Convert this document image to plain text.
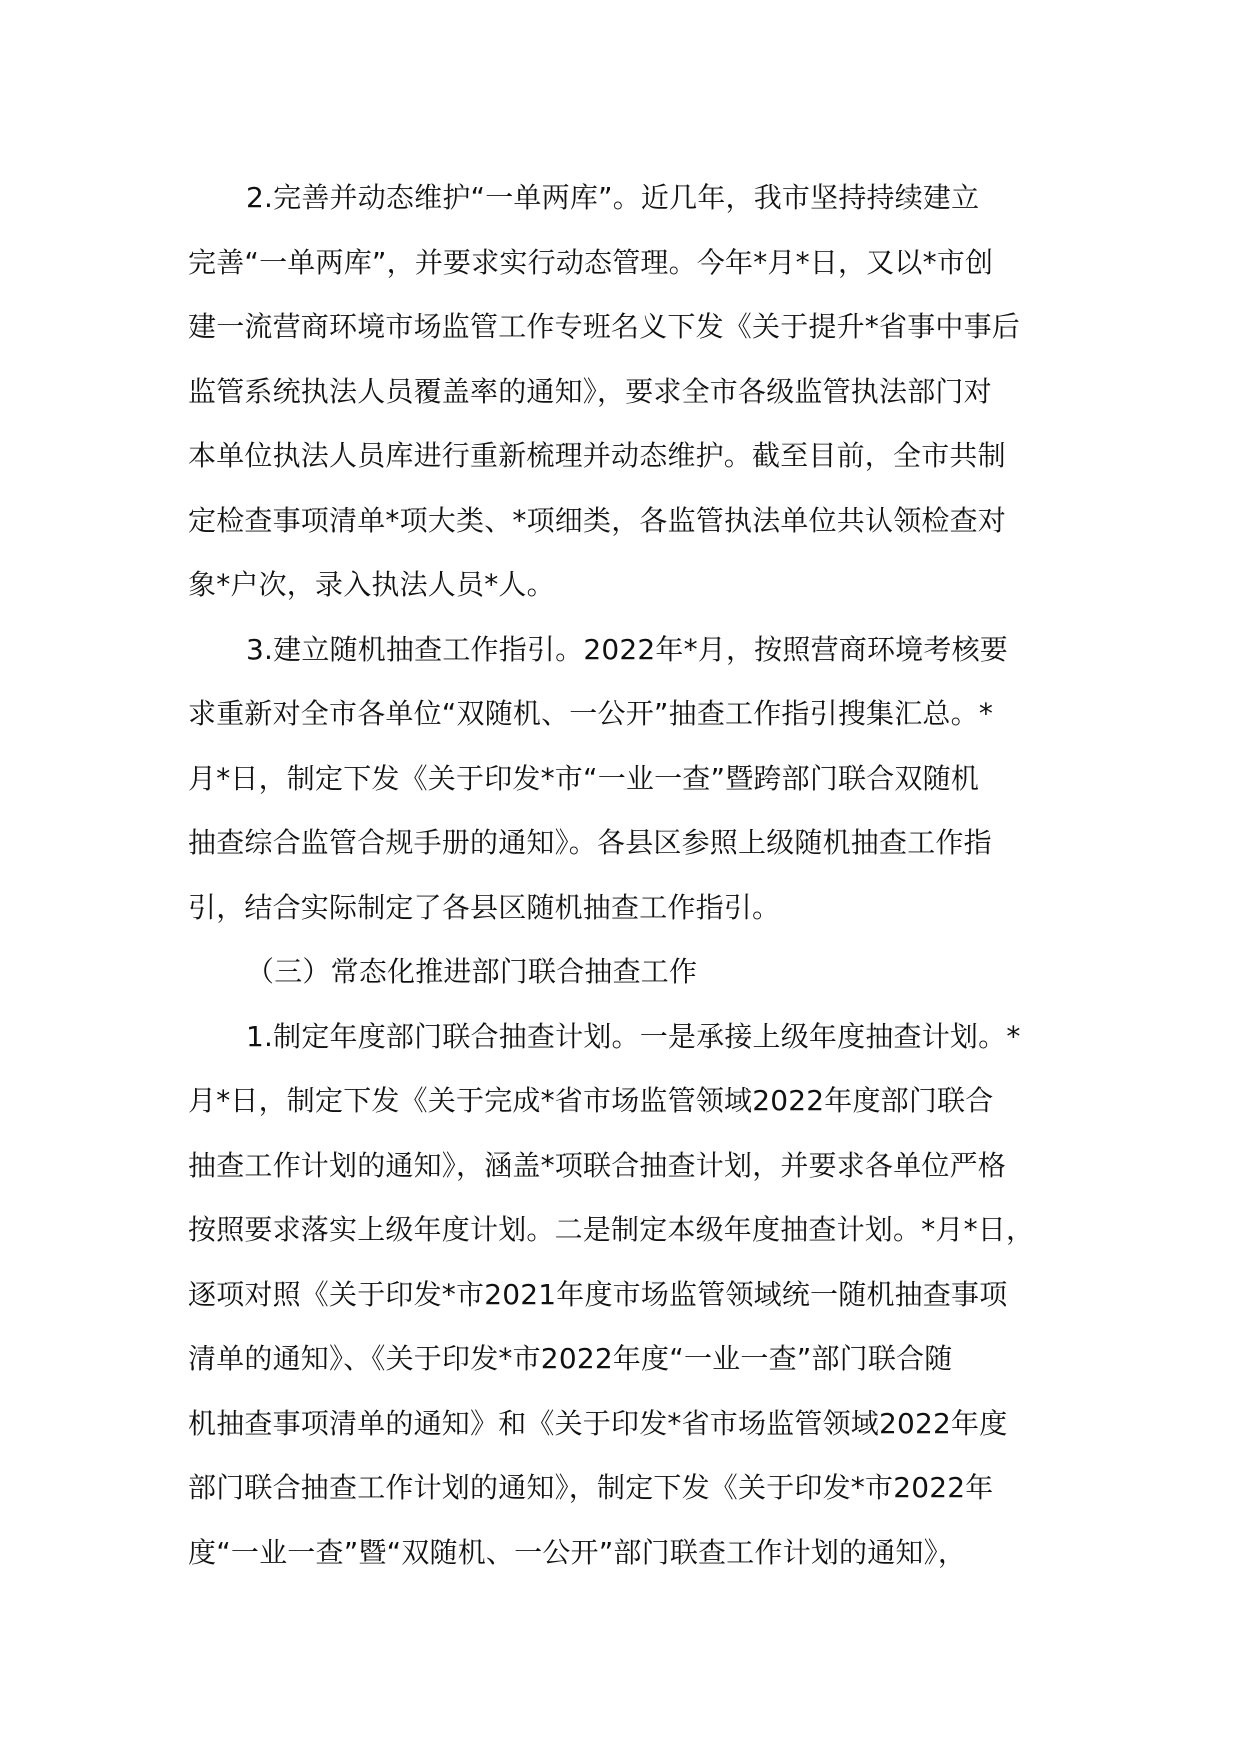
2.完善并动态维护“一单两库”。近几年，我市坚持持续建立

完善“一单两库”，并要求实行动态管理。今年*月*日，又以*市创

建一流营商环境市场监管工作专班名义下发《关于提升*省事中事后

监管系统执法人员覆盖率的通知》，要求全市各级监管执法部门对

本单位执法人员库进行重新梳理并动态维护。截至目前，全市共制

定检查事项清单*项大类、*项细类，各监管执法单位共认领检查对

象*户次，录入执法人员*人。

3.建立随机抽查工作指引。2022年*月，按照营商环境考核要

求重新对全市各单位“双随机、一公开”抽查工作指引搜集汇总。*

月*日，制定下发《关于印发*市“一业一查”暨跨部门联合双随机

抽查综合监管合规手册的通知》。各县区参照上级随机抽查工作指

引，结合实际制定了各县区随机抽查工作指引。

（三）常态化推进部门联合抽查工作

1.制定年度部门联合抽查计划。一是承接上级年度抽查计划。*

月*日，制定下发《关于完成*省市场监管领域2022年度部门联合

抽查工作计划的通知》，涵盖*项联合抽查计划，并要求各单位严格

按照要求落实上级年度计划。二是制定本级年度抽查计划。*月*日，

逐项对照《关于印发*市2021年度市场监管领域统一随机抽查事项

清单的通知》、《关于印发*市2022年度“一业一查”部门联合随

机抽查事项清单的通知》和《关于印发*省市场监管领域2022年度

部门联合抽查工作计划的通知》，制定下发《关于印发*市2022年

度“一业一查”暨“双随机、一公开”部门联查工作计划的通知》，
